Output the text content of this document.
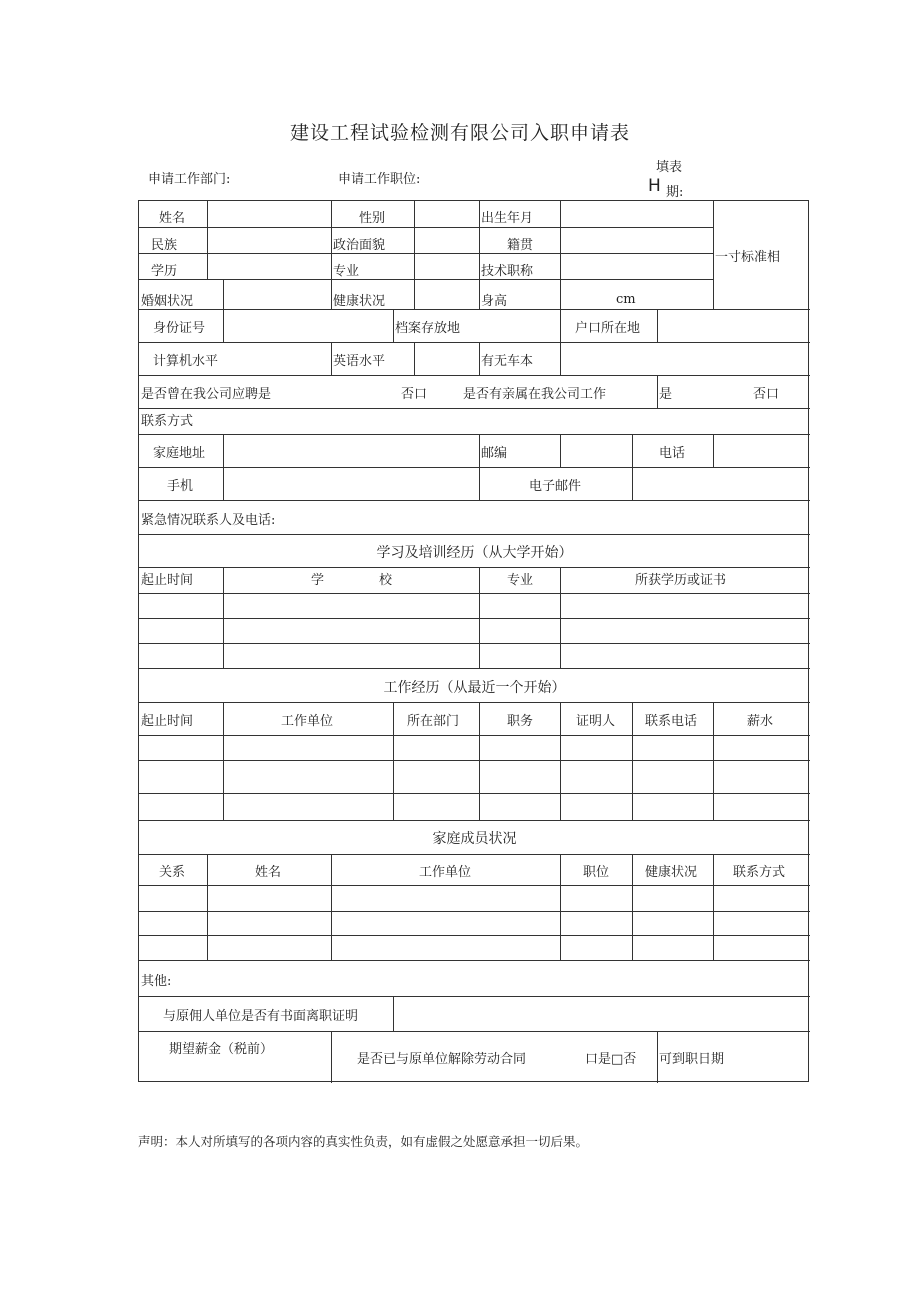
建设工程试验检测有限公司入职申请表
申请工作部门:	申请工作职位:
填表
H 期:
姓名	性别	出生年月
一寸标准相
民族	政治面貌	籍贯
学历	专业	技术职称
婚姻状况	健康状况	身高	cm
身份证号	档案存放地	户口所在地
计算机水平	英语水平	有无车本
是否曾在我公司应聘是	否口	是否有亲属在我公司工作	是	否口
联系方式
家庭地址	邮编	电话
手机	电子邮件
紧急情况联系人及电话:
学习及培训经历（从大学开始）
起止时间	学	校	专业	所获学历或证书
工作经历（从最近一个开始）
起止时间	工作单位	所在部门	职务	证明人 联系电话	薪水
家庭成员状况
关系	姓名	工作单位	职位	健康状况	联系方式
其他:
与原佣人单位是否有书面离职证明
期望薪金（税前）
是否已与原单位解除劳动合同	口是□否 可到职日期
声明：本人对所填写的各项内容的真实性负责，如有虚假之处愿意承担一切后果。
